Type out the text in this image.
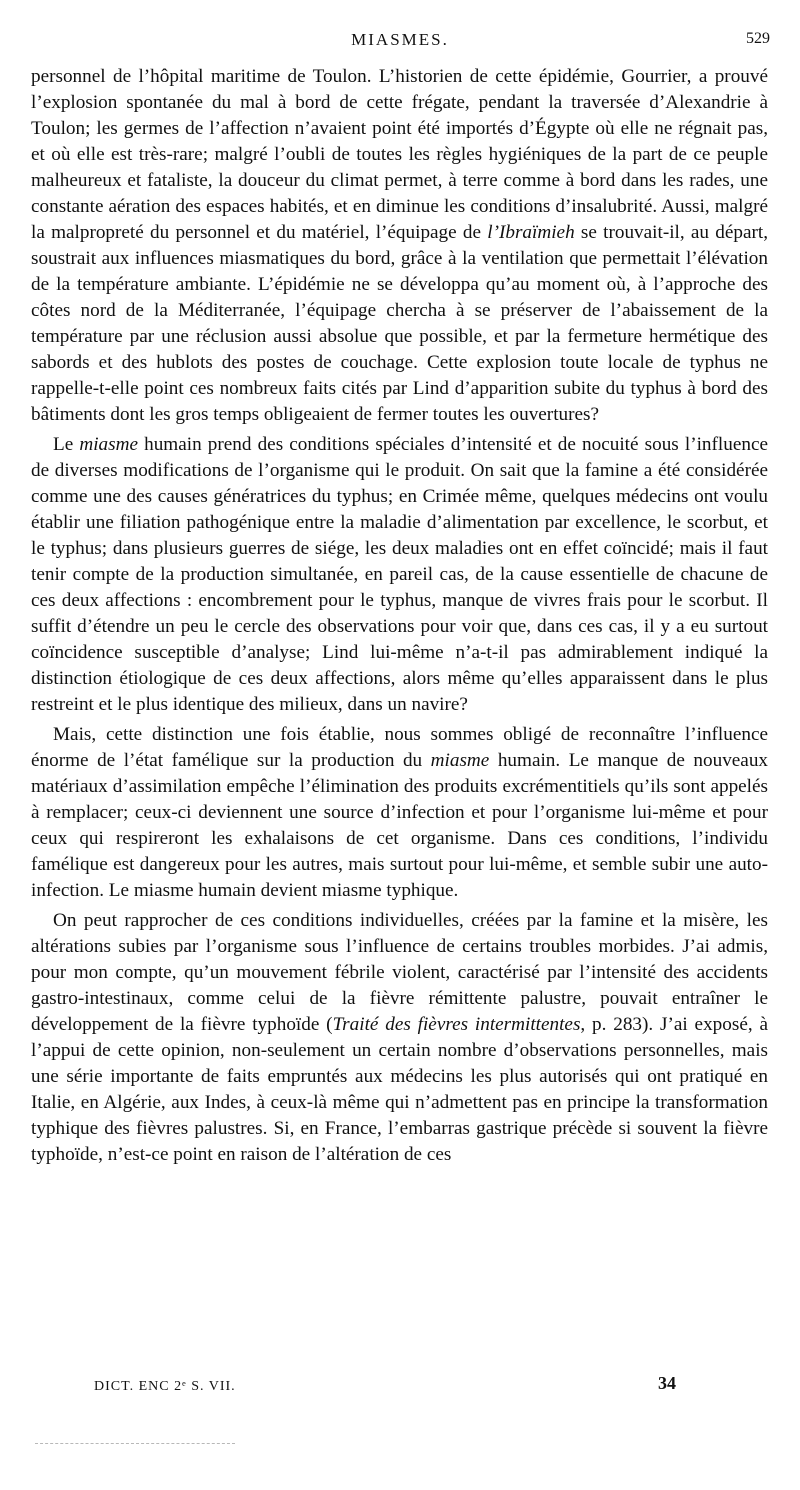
MIASMES.	529

personnel de l’hôpital maritime de Toulon. L’historien de cette épidémie, Gourrier, a prouvé l’explosion spontanée du mal à bord de cette frégate, pendant la traversée d’Alexandrie à Toulon; les germes de l’affection n’avaient point été importés d’Égypte où elle ne régnait pas, et où elle est très-rare; malgré l’oubli de toutes les règles hygiéniques de la part de ce peuple malheureux et fataliste, la douceur du climat permet, à terre comme à bord dans les rades, une constante aération des espaces habités, et en diminue les conditions d’insalubrité. Aussi, malgré la malpropreté du personnel et du matériel, l’équipage de l’Ibraïmieh se trouvait-il, au départ, soustrait aux influences miasmatiques du bord, grâce à la ventilation que permettait l’élévation de la température ambiante. L’épidémie ne se développa qu’au moment où, à l’approche des côtes nord de la Méditerranée, l’équipage chercha à se préserver de l’abaissement de la température par une réclusion aussi absolue que possible, et par la fermeture hermétique des sabords et des hublots des postes de couchage. Cette explosion toute locale de typhus ne rappelle-t-elle point ces nombreux faits cités par Lind d’apparition subite du typhus à bord des bâtiments dont les gros temps obligeaient de fermer toutes les ouvertures?

Le miasme humain prend des conditions spéciales d’intensité et de nocuité sous l’influence de diverses modifications de l’organisme qui le produit. On sait que la famine a été considérée comme une des causes génératrices du typhus; en Crimée même, quelques médecins ont voulu établir une filiation pathogénique entre la maladie d’alimentation par excellence, le scorbut, et le typhus; dans plusieurs guerres de siége, les deux maladies ont en effet coïncidé; mais il faut tenir compte de la production simultanée, en pareil cas, de la cause essentielle de chacune de ces deux affections : encombrement pour le typhus, manque de vivres frais pour le scorbut. Il suffit d’étendre un peu le cercle des observations pour voir que, dans ces cas, il y a eu surtout coïncidence susceptible d’analyse; Lind lui-même n’a-t-il pas admirablement indiqué la distinction étiologique de ces deux affections, alors même qu’elles apparaissent dans le plus restreint et le plus identique des milieux, dans un navire?

Mais, cette distinction une fois établie, nous sommes obligé de reconnaître l’influence énorme de l’état famélique sur la production du miasme humain. Le manque de nouveaux matériaux d’assimilation empêche l’élimination des produits excrémentitiels qu’ils sont appelés à remplacer; ceux-ci deviennent une source d’infection et pour l’organisme lui-même et pour ceux qui respireront les exhalaisons de cet organisme. Dans ces conditions, l’individu famélique est dangereux pour les autres, mais surtout pour lui-même, et semble subir une auto-infection. Le miasme humain devient miasme typhique.

On peut rapprocher de ces conditions individuelles, créées par la famine et la misère, les altérations subies par l’organisme sous l’influence de certains troubles morbides. J’ai admis, pour mon compte, qu’un mouvement fébrile violent, caractérisé par l’intensité des accidents gastro-intestinaux, comme celui de la fièvre rémittente palustre, pouvait entraîner le développement de la fièvre typhoïde (Traité des fièvres intermittentes, p. 283). J’ai exposé, à l’appui de cette opinion, non-seulement un certain nombre d’observations personnelles, mais une série importante de faits empruntés aux médecins les plus autorisés qui ont pratiqué en Italie, en Algérie, aux Indes, à ceux-là même qui n’admettent pas en principe la transformation typhique des fièvres palustres. Si, en France, l’embarras gastrique précède si souvent la fièvre typhoïde, n’est-ce point en raison de l’altération de ces

DICT. ENC 2ᵉ S. VII.	34
